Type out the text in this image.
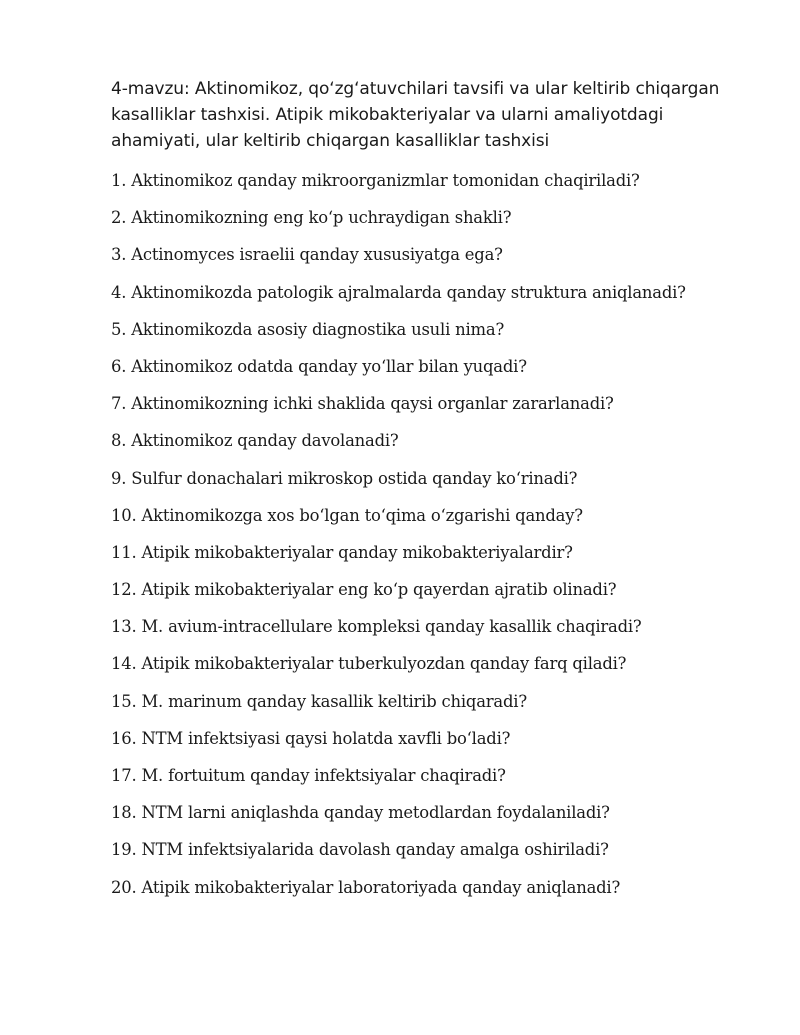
4-mavzu: Aktinomikoz, qo‘zg‘atuvchilari tavsifi va ular keltirib chiqargan
kasalliklar tashxisi. Atipik mikobakteriyalar va ularni amaliyotdagi
ahamiyati, ular keltirib chiqargan kasalliklar tashxisi
1. Aktinomikoz qanday mikroorganizmlar tomonidan chaqiriladi?
2. Aktinomikozning eng ko‘p uchraydigan shakli?
3. Actinomyces israelii qanday xususiyatga ega?
4. Aktinomikozda patologik ajralmalarda qanday struktura aniqlanadi?
5. Aktinomikozda asosiy diagnostika usuli nima?
6. Aktinomikoz odatda qanday yo‘llar bilan yuqadi?
7. Aktinomikozning ichki shaklida qaysi organlar zararlanadi?
8. Aktinomikoz qanday davolanadi?
9. Sulfur donachalari mikroskop ostida qanday ko‘rinadi?
10. Aktinomikozga xos bo‘lgan to‘qima o‘zgarishi qanday?
11. Atipik mikobakteriyalar qanday mikobakteriyalardir?
12. Atipik mikobakteriyalar eng ko‘p qayerdan ajratib olinadi?
13. M. avium-intracellulare kompleksi qanday kasallik chaqiradi?
14. Atipik mikobakteriyalar tuberkulyozdan qanday farq qiladi?
15. M. marinum qanday kasallik keltirib chiqaradi?
16. NTM infektsiyasi qaysi holatda xavfli bo‘ladi?
17. M. fortuitum qanday infektsiyalar chaqiradi?
18. NTM larni aniqlashda qanday metodlardan foydalaniladi?
19. NTM infektsiyalarida davolash qanday amalga oshiriladi?
20. Atipik mikobakteriyalar laboratoriyada qanday aniqlanadi?
